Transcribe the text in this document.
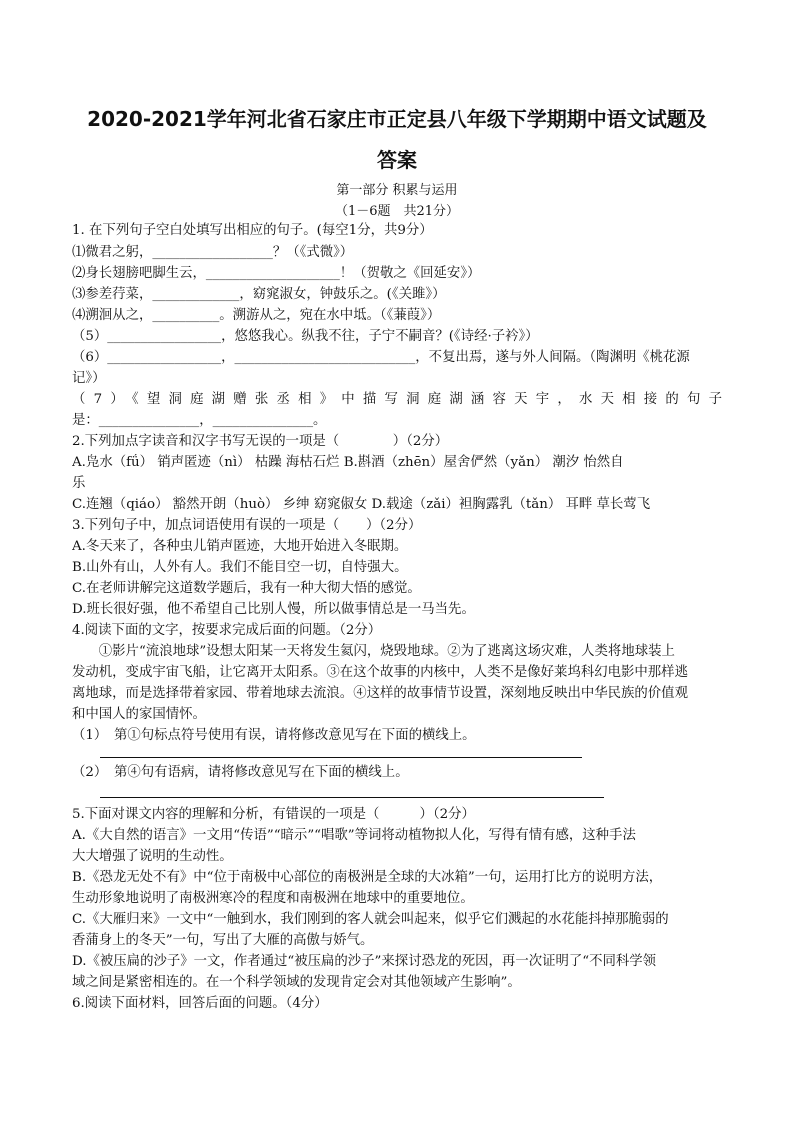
2020-2021学年河北省石家庄市正定县八年级下学期期中语文试题及
答案
第一部分 积累与运用
（1－6题　共21分）
1. 在下列句子空白处填写出相应的句子。(每空1分，共9分）
⑴微君之躬，__________________？（《式微》）
⑵身长翅膀吧脚生云，____________________！（贺敬之《回延安》）
⑶参差荇菜，_____________，窈窕淑女，钟鼓乐之。(《关雎》）
⑷溯洄从之，__________。溯游从之，宛在水中坻。（《蒹葭》）
（5）_________________，悠悠我心。纵我不往，子宁不嗣音？(《诗经·子衿》）
（6）_________________，___________________________，不复出焉，遂与外人间隔。（陶渊明《桃花源
记》）
（7）《望洞庭湖赠张丞相》中描写洞庭湖涵容天宇，水天相接的句子
是：_______________，_______________。
2.下列加点字读音和汉字书写无误的一项是（　　　　）（2分）
A.凫水（fǘ） 销声匿迹（nì） 枯躁 海枯石烂 B.斟酒（zhēn）屋舍俨然（yǎn） 潮汐 怡然自
乐
C.连翘（qiáo） 豁然开朗（huò） 乡绅 窈窕俶女 D.载途（zǎi）袒胸露乳（tǎn） 耳畔 草长莺飞
3.下列句子中，加点词语使用有误的一项是（　　）（2分）
A.冬天来了，各种虫儿销声匿迹，大地开始进入冬眠期。
B.山外有山，人外有人。我们不能目空一切，自恃强大。
C.在老师讲解完这道数学题后，我有一种大彻大悟的感觉。
D.班长很好强，他不希望自己比别人慢，所以做事情总是一马当先。
4.阅读下面的文字，按要求完成后面的问题。（2分）
　　①影片“流浪地球”设想太阳某一天将发生氦闪，烧毁地球。②为了逃离这场灾难，人类将地球装上
发动机，变成宇宙飞船，让它离开太阳系。③在这个故事的内核中，人类不是像好莱坞科幻电影中那样逃
离地球，而是选择带着家园、带着地球去流浪。④这样的故事情节设置，深刻地反映出中华民族的价值观
和中国人的家国情怀。
（1）　第①句标点符号使用有误，请将修改意见写在下面的横线上。
（2）　第④句有语病，请将修改意见写在下面的横线上。
5.下面对课文内容的理解和分析，有错误的一项是（　　　）（2分）
A.《大自然的语言》一文用“传语”“暗示”“唱歌”等词将动植物拟人化，写得有情有感，这种手法
大大增强了说明的生动性。
B.《恐龙无处不有》中“位于南极中心部位的南极洲是全球的大冰箱”一句，运用打比方的说明方法，
生动形象地说明了南极洲寒冷的程度和南极洲在地球中的重要地位。
C.《大雁归来》一文中“一触到水，我们刚到的客人就会叫起来，似乎它们溅起的水花能抖掉那脆弱的
香蒲身上的冬天”一句，写出了大雁的高傲与娇气。
D.《被压扁的沙子》一文，作者通过“被压扁的沙子”来探讨恐龙的死因，再一次证明了“不同科学领
域之间是紧密相连的。在一个科学领域的发现肯定会对其他领域产生影响”。
6.阅读下面材料，回答后面的问题。（4分）
